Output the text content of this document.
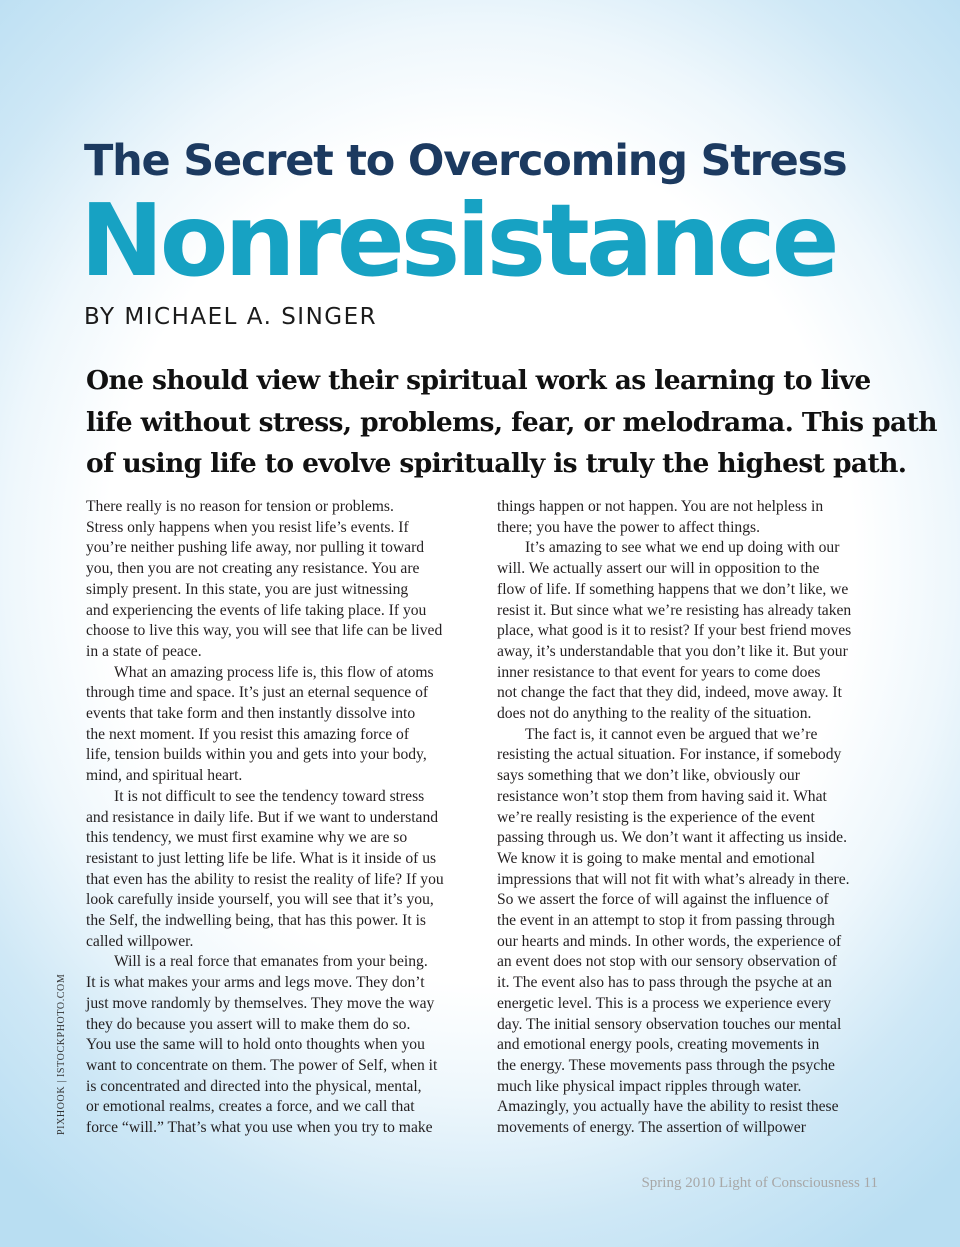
The Secret to Overcoming Stress
Nonresistance

BY MICHAEL A. SINGER

One should view their spiritual work as learning to live
life without stress, problems, fear, or melodrama. This path
of using life to evolve spiritually is truly the highest path.
There really is no reason for tension or problems.
Stress only happens when you resist life’s events. If
you’re neither pushing life away, nor pulling it toward
you, then you are not creating any resistance. You are
simply present. In this state, you are just witnessing
and experiencing the events of life taking place. If you
choose to live this way, you will see that life can be lived
in a state of peace.
What an amazing process life is, this flow of atoms
through time and space. It’s just an eternal sequence of
events that take form and then instantly dissolve into
the next moment. If you resist this amazing force of
life, tension builds within you and gets into your body,
mind, and spiritual heart.
It is not difficult to see the tendency toward stress
and resistance in daily life. But if we want to understand
this tendency, we must first examine why we are so
resistant to just letting life be life. What is it inside of us
that even has the ability to resist the reality of life? If you
look carefully inside yourself, you will see that it’s you,
the Self, the indwelling being, that has this power. It is
called willpower.
Will is a real force that emanates from your being.
It is what makes your arms and legs move. They don’t
just move randomly by themselves. They move the way
they do because you assert will to make them do so.
You use the same will to hold onto thoughts when you
want to concentrate on them. The power of Self, when it
is concentrated and directed into the physical, mental,
or emotional realms, creates a force, and we call that
force “will.” That’s what you use when you try to make
things happen or not happen. You are not helpless in
there; you have the power to affect things.
It’s amazing to see what we end up doing with our
will. We actually assert our will in opposition to the
flow of life. If something happens that we don’t like, we
resist it. But since what we’re resisting has already taken
place, what good is it to resist? If your best friend moves
away, it’s understandable that you don’t like it. But your
inner resistance to that event for years to come does
not change the fact that they did, indeed, move away. It
does not do anything to the reality of the situation.
The fact is, it cannot even be argued that we’re
resisting the actual situation. For instance, if somebody
says something that we don’t like, obviously our
resistance won’t stop them from having said it. What
we’re really resisting is the experience of the event
passing through us. We don’t want it affecting us inside.
We know it is going to make mental and emotional
impressions that will not fit with what’s already in there.
So we assert the force of will against the influence of
the event in an attempt to stop it from passing through
our hearts and minds. In other words, the experience of
an event does not stop with our sensory observation of
it. The event also has to pass through the psyche at an
energetic level. This is a process we experience every
day. The initial sensory observation touches our mental
and emotional energy pools, creating movements in
the energy. These movements pass through the psyche
much like physical impact ripples through water.
Amazingly, you actually have the ability to resist these
movements of energy. The assertion of willpower
PIXHOOK | ISTOCKPHOTO.COM

Spring 2010 Light of Consciousness 11
